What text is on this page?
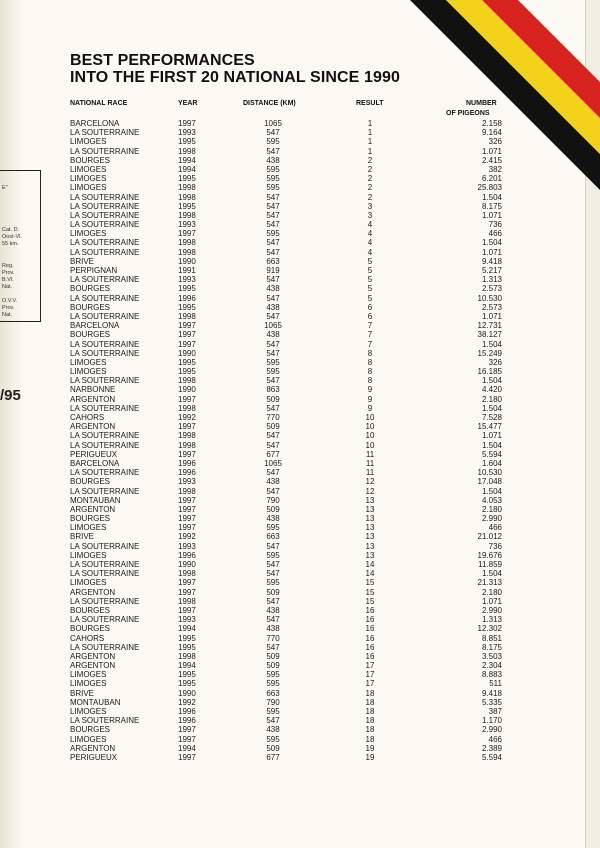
E"
Cat. D.
Oost-Vl.
55 km.
Reg.
Prov.
B.Vl.
Nat.
O.V.V.
Prov.
Nat.
/95
BEST PERFORMANCES
INTO THE FIRST 20 NATIONAL SINCE 1990
NATIONAL RACE	YEAR	DISTANCE (KM)	RESULT	NUMBER
OF PIGEONS
BARCELONA	1997	1065	1	2.158
LA SOUTERRAINE	1993	547	1	9.164
LIMOGES	1995	595	1	326
LA SOUTERRAINE	1998	547	1	1.071
BOURGES	1994	438	2	2.415
LIMOGES	1994	595	2	382
LIMOGES	1995	595	2	6.201
LIMOGES	1998	595	2	25.803
LA SOUTERRAINE	1998	547	2	1.504
LA SOUTERRAINE	1995	547	3	8.175
LA SOUTERRAINE	1998	547	3	1.071
LA SOUTERRAINE	1993	547	4	736
LIMOGES	1997	595	4	466
LA SOUTERRAINE	1998	547	4	1.504
LA SOUTERRAINE	1998	547	4	1.071
BRIVE	1990	663	5	9.418
PERPIGNAN	1991	919	5	5.217
LA SOUTERRAINE	1993	547	5	1.313
BOURGES	1995	438	5	2.573
LA SOUTERRAINE	1996	547	5	10.530
BOURGES	1995	438	6	2.573
LA SOUTERRAINE	1998	547	6	1.071
BARCELONA	1997	1065	7	12.731
BOURGES	1997	438	7	38.127
LA SOUTERRAINE	1997	547	7	1.504
LA SOUTERRAINE	1990	547	8	15.249
LIMOGES	1995	595	8	326
LIMOGES	1995	595	8	16.185
LA SOUTERRAINE	1998	547	8	1.504
NARBONNE	1990	863	9	4.420
ARGENTON	1997	509	9	2.180
LA SOUTERRAINE	1998	547	9	1.504
CAHORS	1992	770	10	7.528
ARGENTON	1997	509	10	15.477
LA SOUTERRAINE	1998	547	10	1.071
LA SOUTERRAINE	1998	547	10	1.504
PERIGUEUX	1997	677	11	5.594
BARCELONA	1996	1065	11	1.604
LA SOUTERRAINE	1996	547	11	10.530
BOURGES	1993	438	12	17.048
LA SOUTERRAINE	1998	547	12	1.504
MONTAUBAN	1997	790	13	4.053
ARGENTON	1997	509	13	2.180
BOURGES	1997	438	13	2.990
LIMOGES	1997	595	13	466
BRIVE	1992	663	13	21.012
LA SOUTERRAINE	1993	547	13	736
LIMOGES	1996	595	13	19.676
LA SOUTERRAINE	1990	547	14	11.859
LA SOUTERRAINE	1998	547	14	1.504
LIMOGES	1997	595	15	21.313
ARGENTON	1997	509	15	2.180
LA SOUTERRAINE	1998	547	15	1.071
BOURGES	1997	438	16	2.990
LA SOUTERRAINE	1993	547	16	1.313
BOURGES	1994	438	16	12.302
CAHORS	1995	770	16	8.851
LA SOUTERRAINE	1995	547	16	8.175
ARGENTON	1998	509	16	3.503
ARGENTON	1994	509	17	2.304
LIMOGES	1995	595	17	8.883
LIMOGES	1995	595	17	511
BRIVE	1990	663	18	9.418
MONTAUBAN	1992	790	18	5.335
LIMOGES	1996	595	18	387
LA SOUTERRAINE	1996	547	18	1.170
BOURGES	1997	438	18	2.990
LIMOGES	1997	595	18	466
ARGENTON	1994	509	19	2.389
PERIGUEUX	1997	677	19	5.594
